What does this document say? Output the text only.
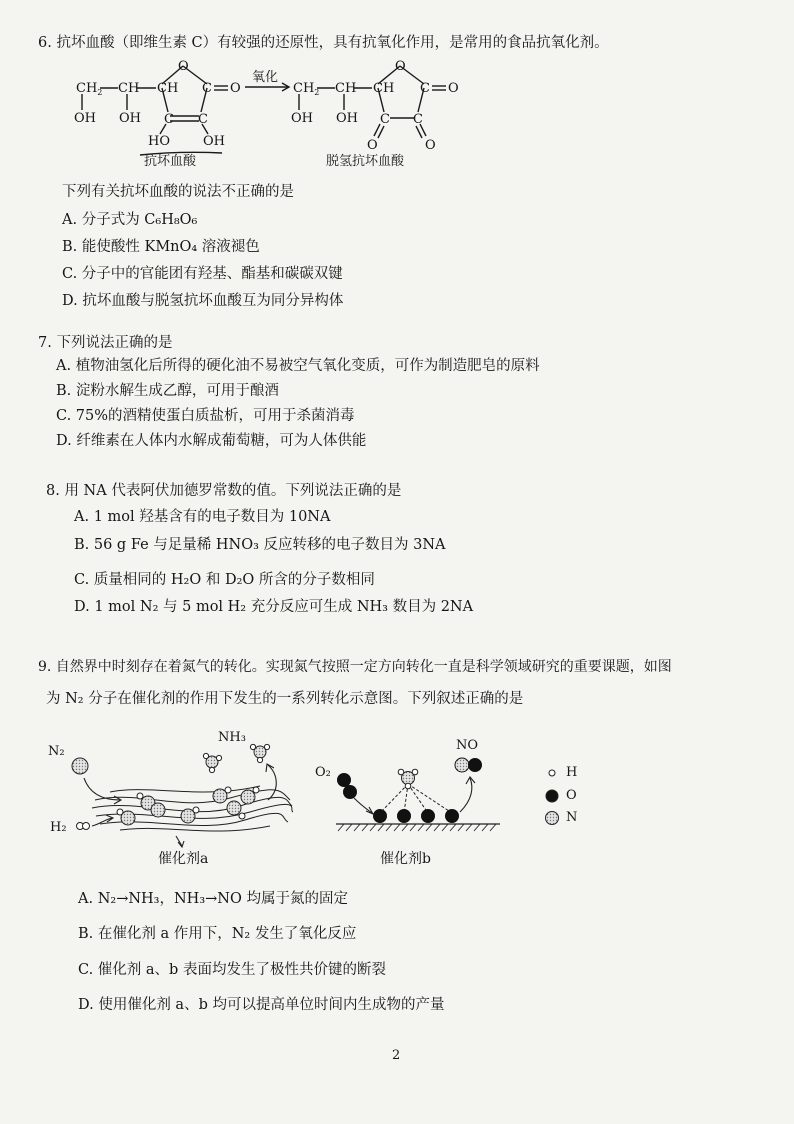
6. 抗坏血酸（即维生素 C）有较强的还原性，具有抗氧化作用，是常用的食品抗氧化剂。
$CH_2$ CH CH
O
C O
C C
OH OH
HO	OH
$CH_2$ CH CH
O
C O
C C
OH OH
O	O
氧化
抗坏血酸	脱氢抗坏血酸
下列有关抗坏血酸的说法不正确的是
A. 分子式为 C₆H₈O₆
B. 能使酸性 KMnO₄ 溶液褪色
C. 分子中的官能团有羟基、酯基和碳碳双键
D. 抗坏血酸与脱氢抗坏血酸互为同分异构体
7. 下列说法正确的是
A. 植物油氢化后所得的硬化油不易被空气氧化变质，可作为制造肥皂的原料
B. 淀粉水解生成乙醇，可用于酿酒
C. 75%的酒精使蛋白质盐析，可用于杀菌消毒
D. 纤维素在人体内水解成葡萄糖，可为人体供能
8. 用 NA 代表阿伏加德罗常数的值。下列说法正确的是
A. 1 mol 羟基含有的电子数目为 10NA
B. 56 g Fe 与足量稀 HNO₃ 反应转移的电子数目为 3NA
C. 质量相同的 H₂O 和 D₂O 所含的分子数相同
D. 1 mol N₂ 与 5 mol H₂ 充分反应可生成 NH₃ 数目为 2NA
9. 自然界中时刻存在着氮气的转化。实现氮气按照一定方向转化一直是科学领域研究的重要课题，如图
为 N₂ 分子在催化剂的作用下发生的一系列转化示意图。下列叙述正确的是
N₂
NH₃
H₂
O₂
NO
催化剂a	催化剂b
H
O
N
A. N₂→NH₃，NH₃→NO 均属于氮的固定
B. 在催化剂 a 作用下，N₂ 发生了氧化反应
C. 催化剂 a、b 表面均发生了极性共价键的断裂
D. 使用催化剂 a、b 均可以提高单位时间内生成物的产量
2
